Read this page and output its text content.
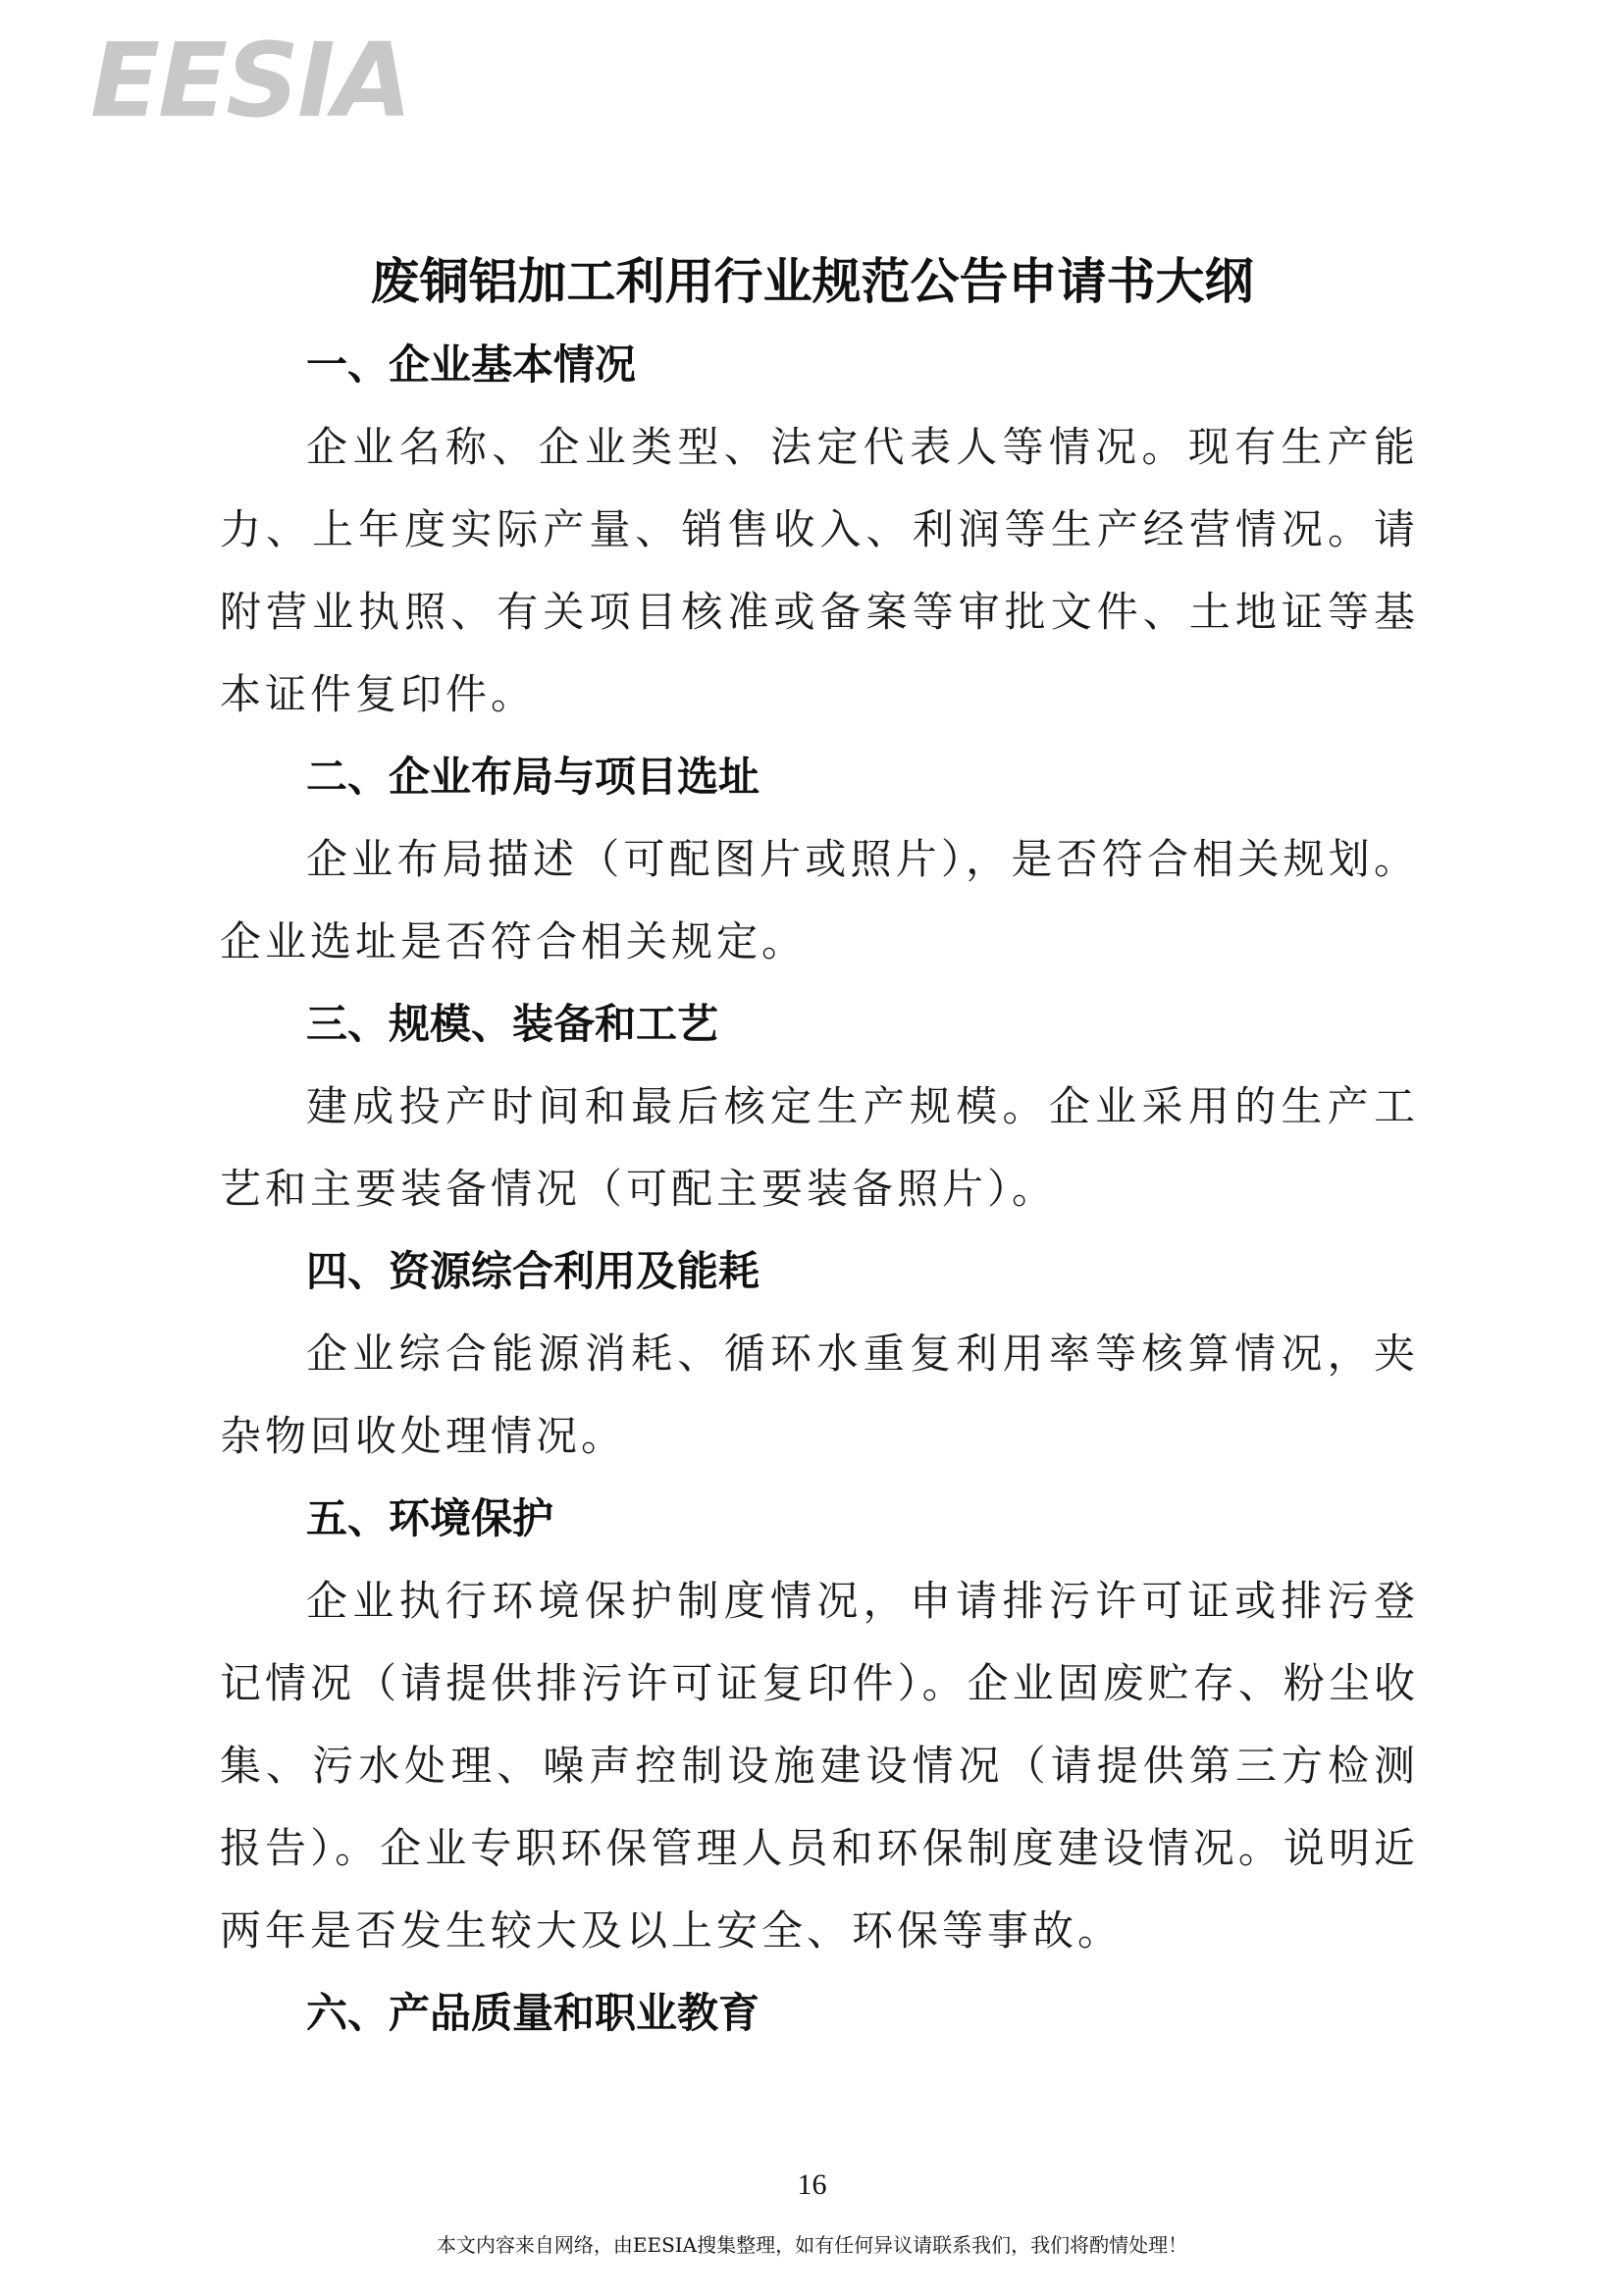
EESIA
废铜铝加工利用行业规范公告申请书大纲
一、企业基本情况

企业名称、企业类型、法定代表人等情况。现有生产能力、上年度实际产量、销售收入、利润等生产经营情况。请附营业执照、有关项目核准或备案等审批文件、土地证等基本证件复印件。

二、企业布局与项目选址

企业布局描述（可配图片或照片），是否符合相关规划。企业选址是否符合相关规定。

三、规模、装备和工艺

建成投产时间和最后核定生产规模。企业采用的生产工艺和主要装备情况（可配主要装备照片）。

四、资源综合利用及能耗

企业综合能源消耗、循环水重复利用率等核算情况，夹杂物回收处理情况。

五、环境保护

企业执行环境保护制度情况，申请排污许可证或排污登记情况（请提供排污许可证复印件）。企业固废贮存、粉尘收集、污水处理、噪声控制设施建设情况（请提供第三方检测报告）。企业专职环保管理人员和环保制度建设情况。说明近两年是否发生较大及以上安全、环保等事故。

六、产品质量和职业教育
16
本文内容来自网络，由EESIA搜集整理，如有任何异议请联系我们，我们将酌情处理！
